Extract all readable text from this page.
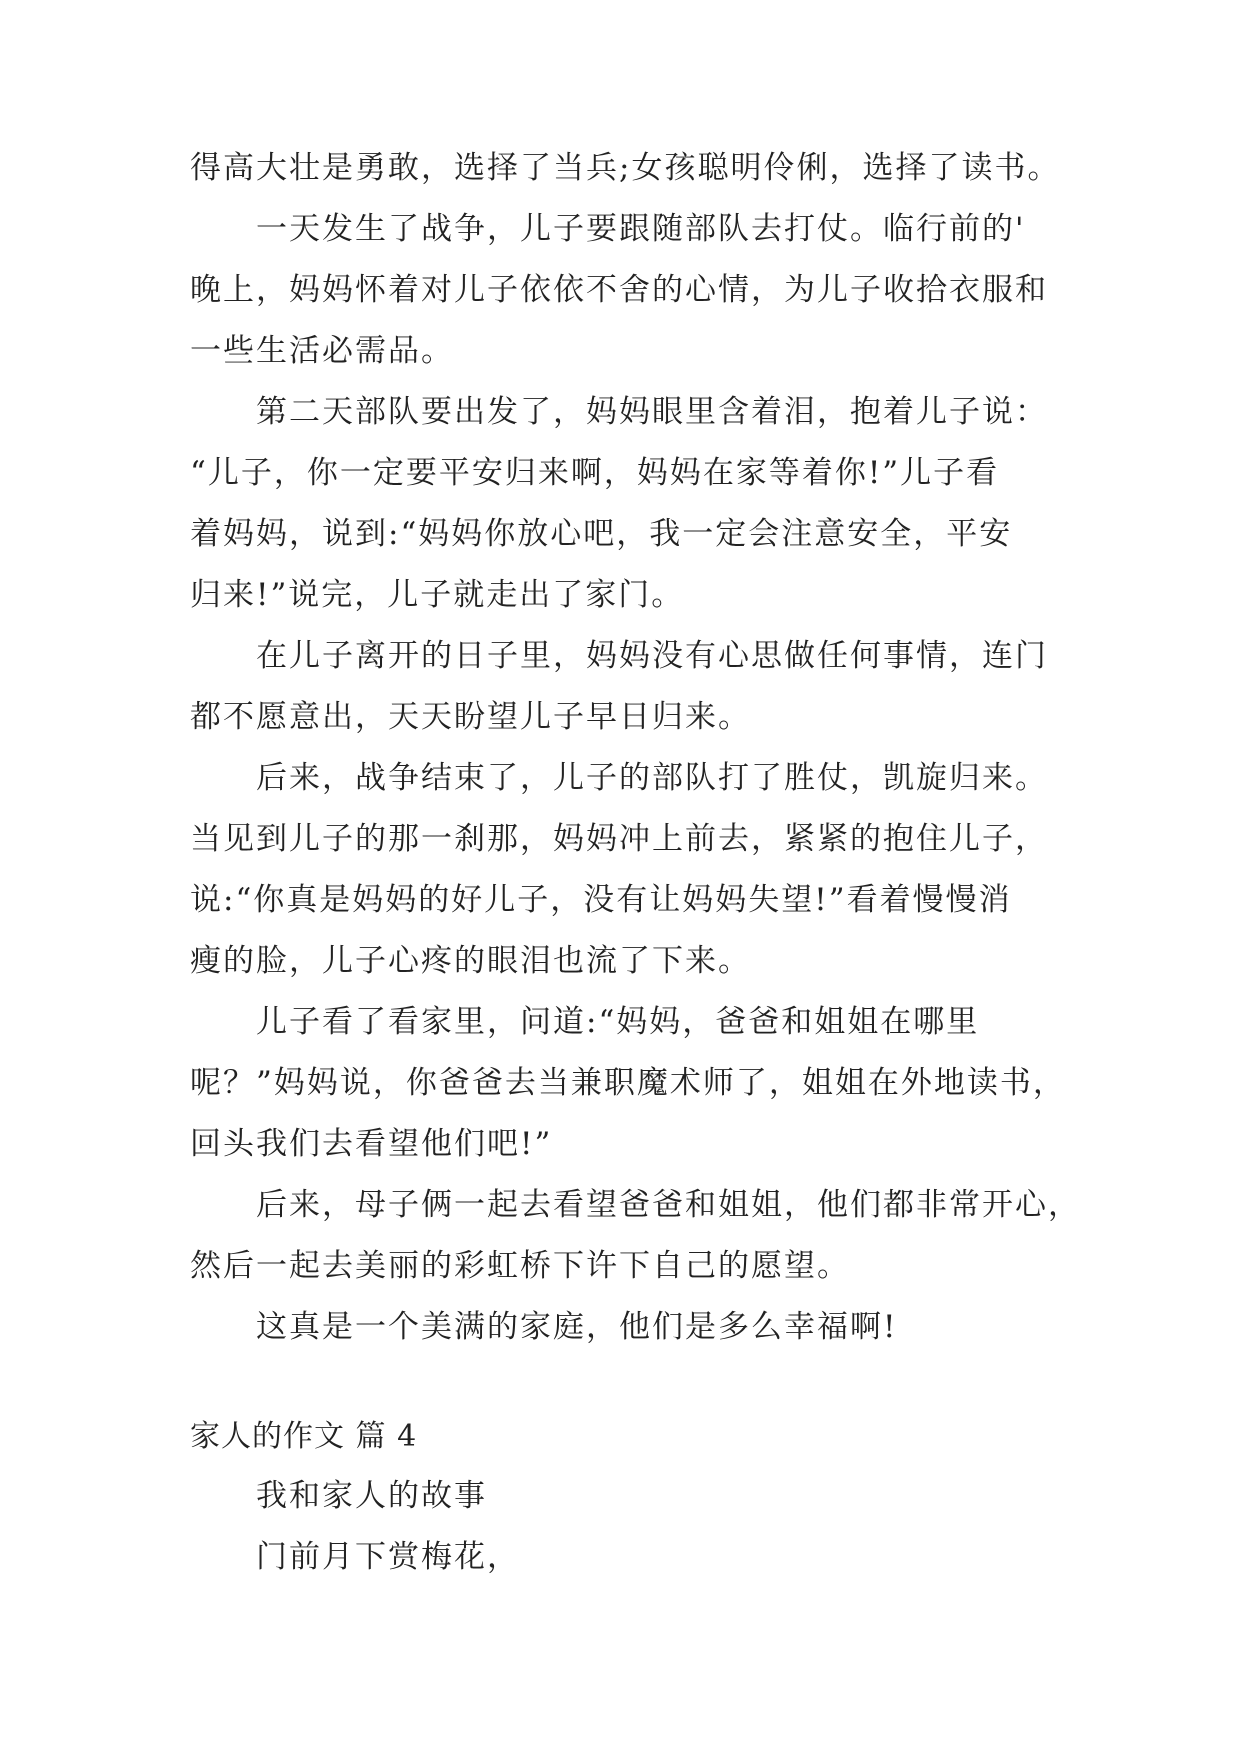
得高大壮是勇敢，选择了当兵;女孩聪明伶俐，选择了读书。
一天发生了战争，儿子要跟随部队去打仗。临行前的'
晚上，妈妈怀着对儿子依依不舍的心情，为儿子收拾衣服和
一些生活必需品。
第二天部队要出发了，妈妈眼里含着泪，抱着儿子说：
“儿子，你一定要平安归来啊，妈妈在家等着你!”儿子看
着妈妈，说到:“妈妈你放心吧，我一定会注意安全，平安
归来!”说完，儿子就走出了家门。
在儿子离开的日子里，妈妈没有心思做任何事情，连门
都不愿意出，天天盼望儿子早日归来。
后来，战争结束了，儿子的部队打了胜仗，凯旋归来。
当见到儿子的那一刹那，妈妈冲上前去，紧紧的抱住儿子，
说:“你真是妈妈的好儿子，没有让妈妈失望!”看着慢慢消
瘦的脸，儿子心疼的眼泪也流了下来。
儿子看了看家里，问道:“妈妈，爸爸和姐姐在哪里
呢？”妈妈说，你爸爸去当兼职魔术师了，姐姐在外地读书，
回头我们去看望他们吧!”
后来，母子俩一起去看望爸爸和姐姐，他们都非常开心，
然后一起去美丽的彩虹桥下许下自己的愿望。
这真是一个美满的家庭，他们是多么幸福啊!
家人的作文 篇 4
我和家人的故事
门前月下赏梅花，
